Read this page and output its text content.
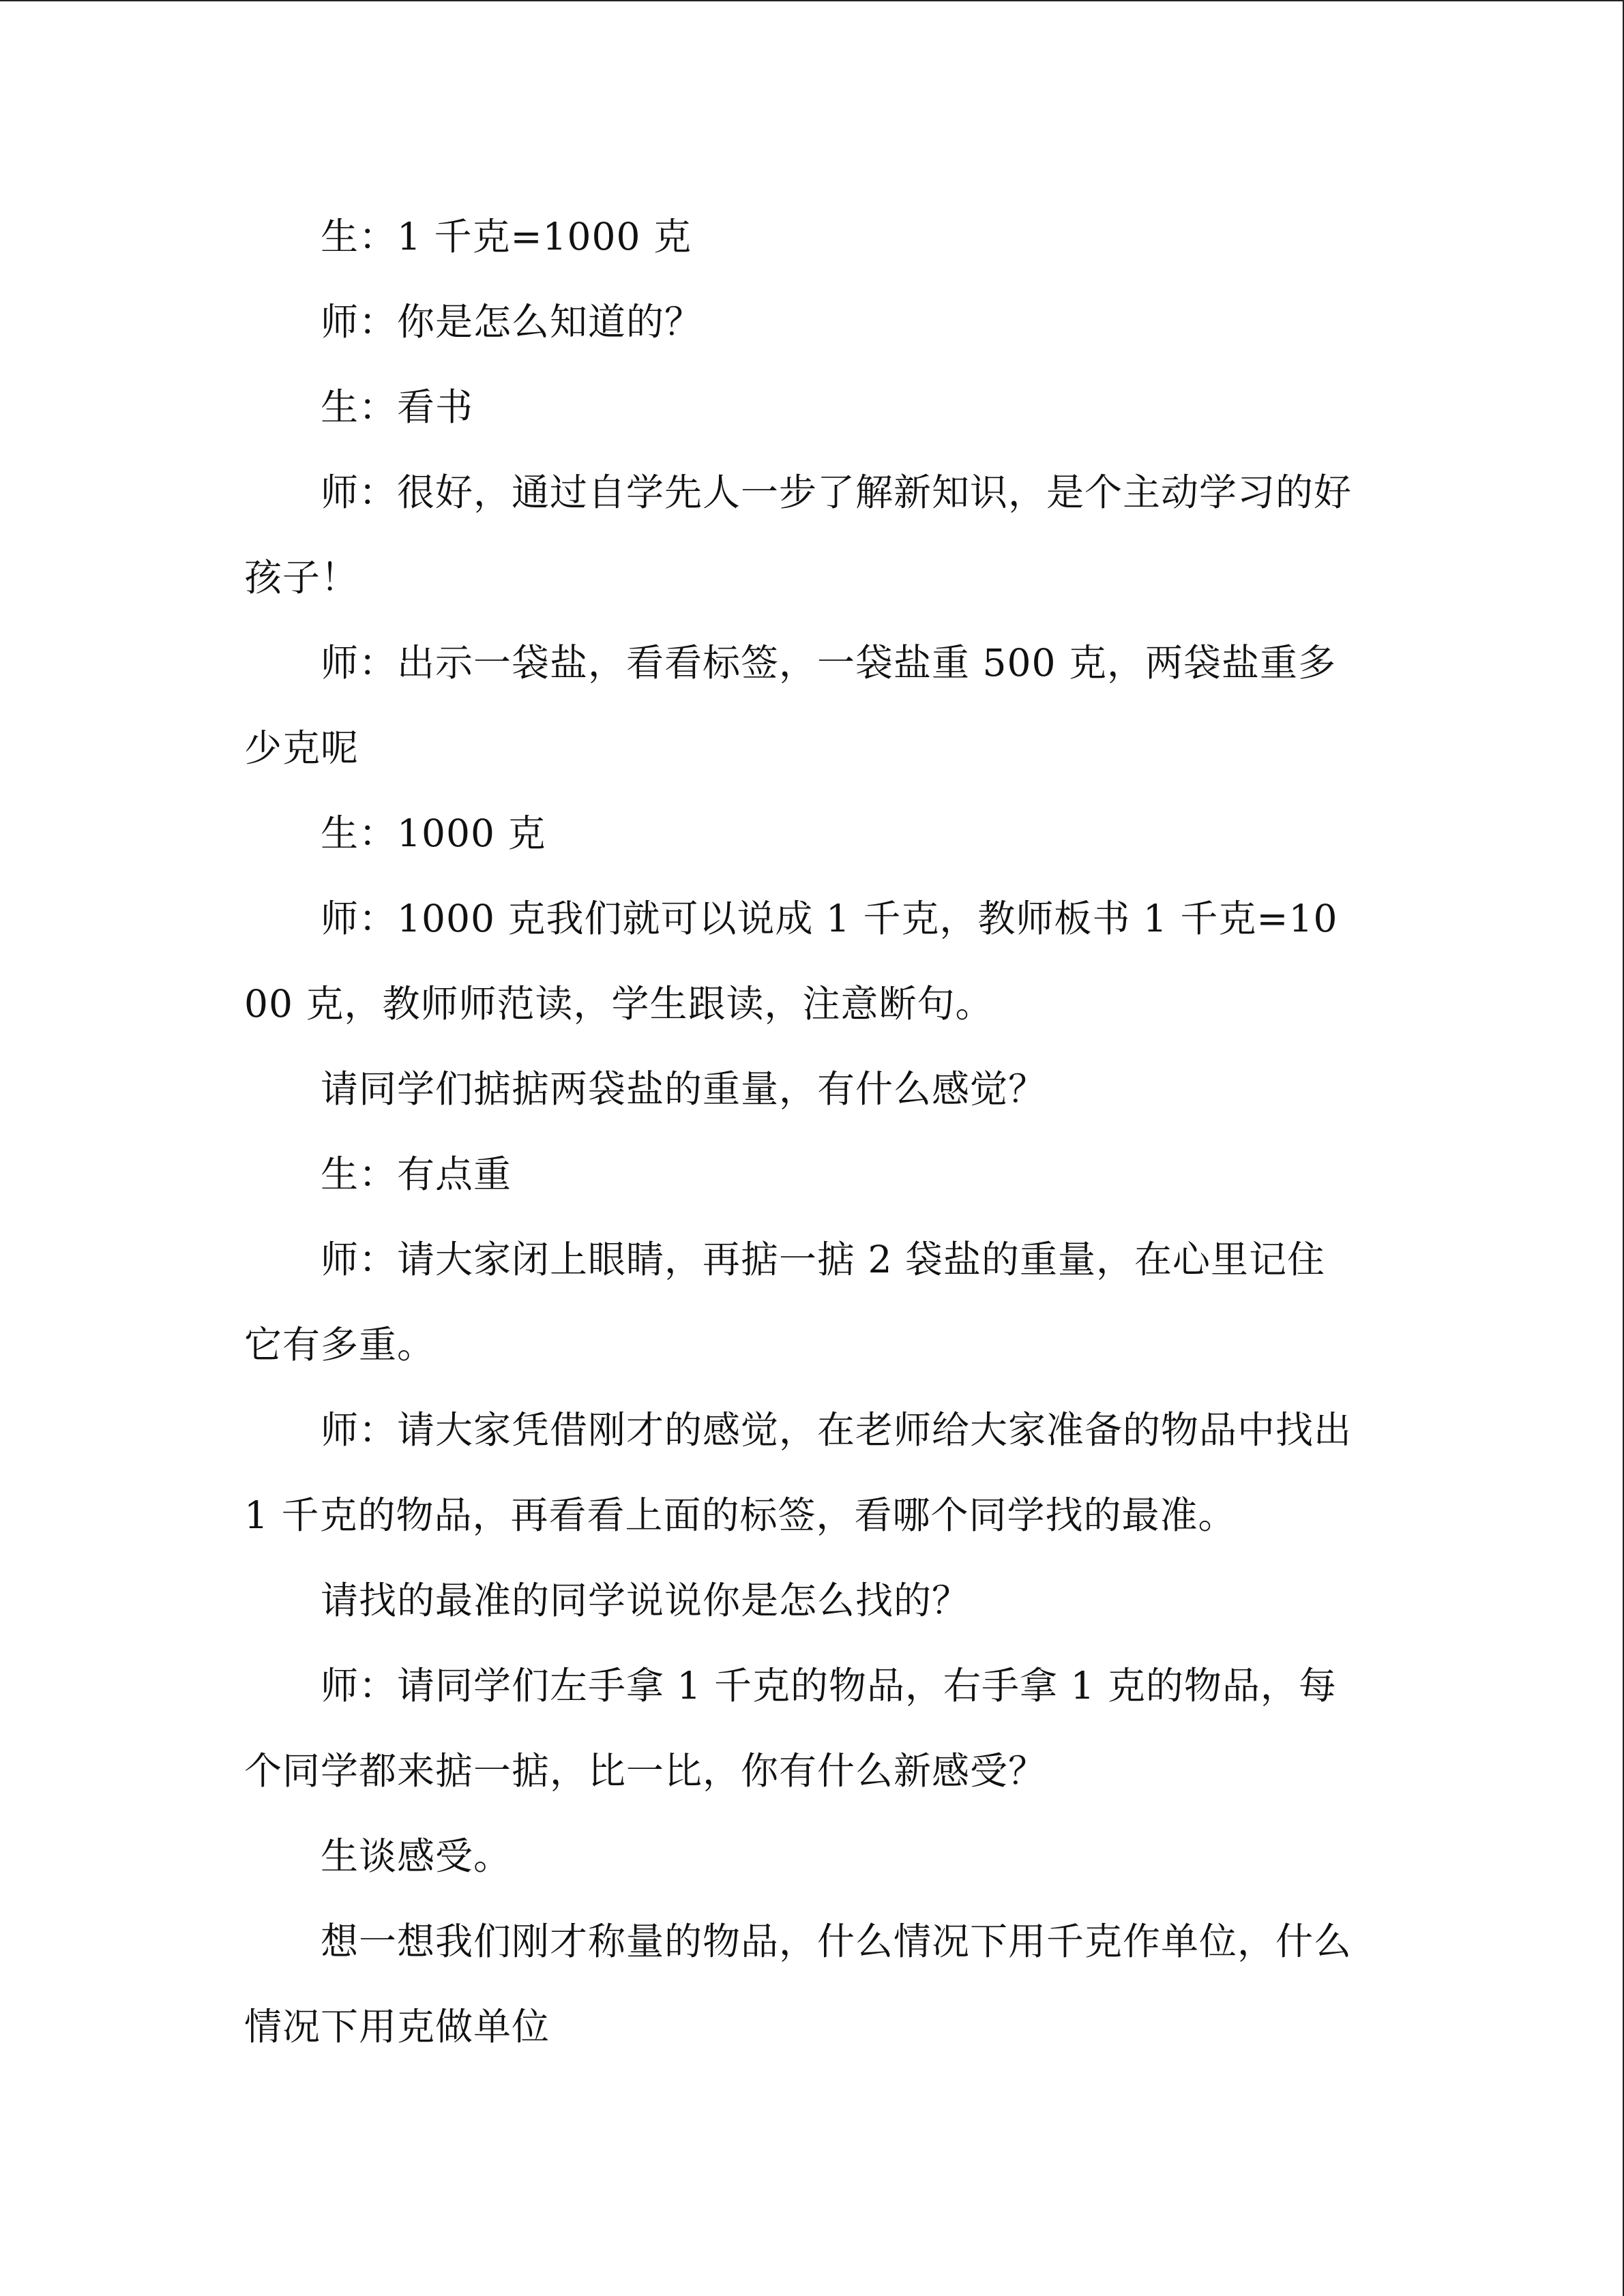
生：1 千克=1000 克

师：你是怎么知道的？

生：看书

师：很好，通过自学先人一步了解新知识，是个主动学习的好孩子！

师：出示一袋盐，看看标签，一袋盐重 500 克，两袋盐重多少克呢

生：1000 克

师：1000 克我们就可以说成 1 千克，教师板书 1 千克=1000 克，教师师范读，学生跟读，注意断句。

请同学们掂掂两袋盐的重量，有什么感觉？

生：有点重

师：请大家闭上眼睛，再掂一掂 2 袋盐的重量，在心里记住它有多重。

师：请大家凭借刚才的感觉，在老师给大家准备的物品中找出 1 千克的物品，再看看上面的标签，看哪个同学找的最准。

请找的最准的同学说说你是怎么找的？

师：请同学们左手拿 1 千克的物品，右手拿 1 克的物品，每个同学都来掂一掂，比一比，你有什么新感受？

生谈感受。

想一想我们刚才称量的物品，什么情况下用千克作单位，什么情况下用克做单位
